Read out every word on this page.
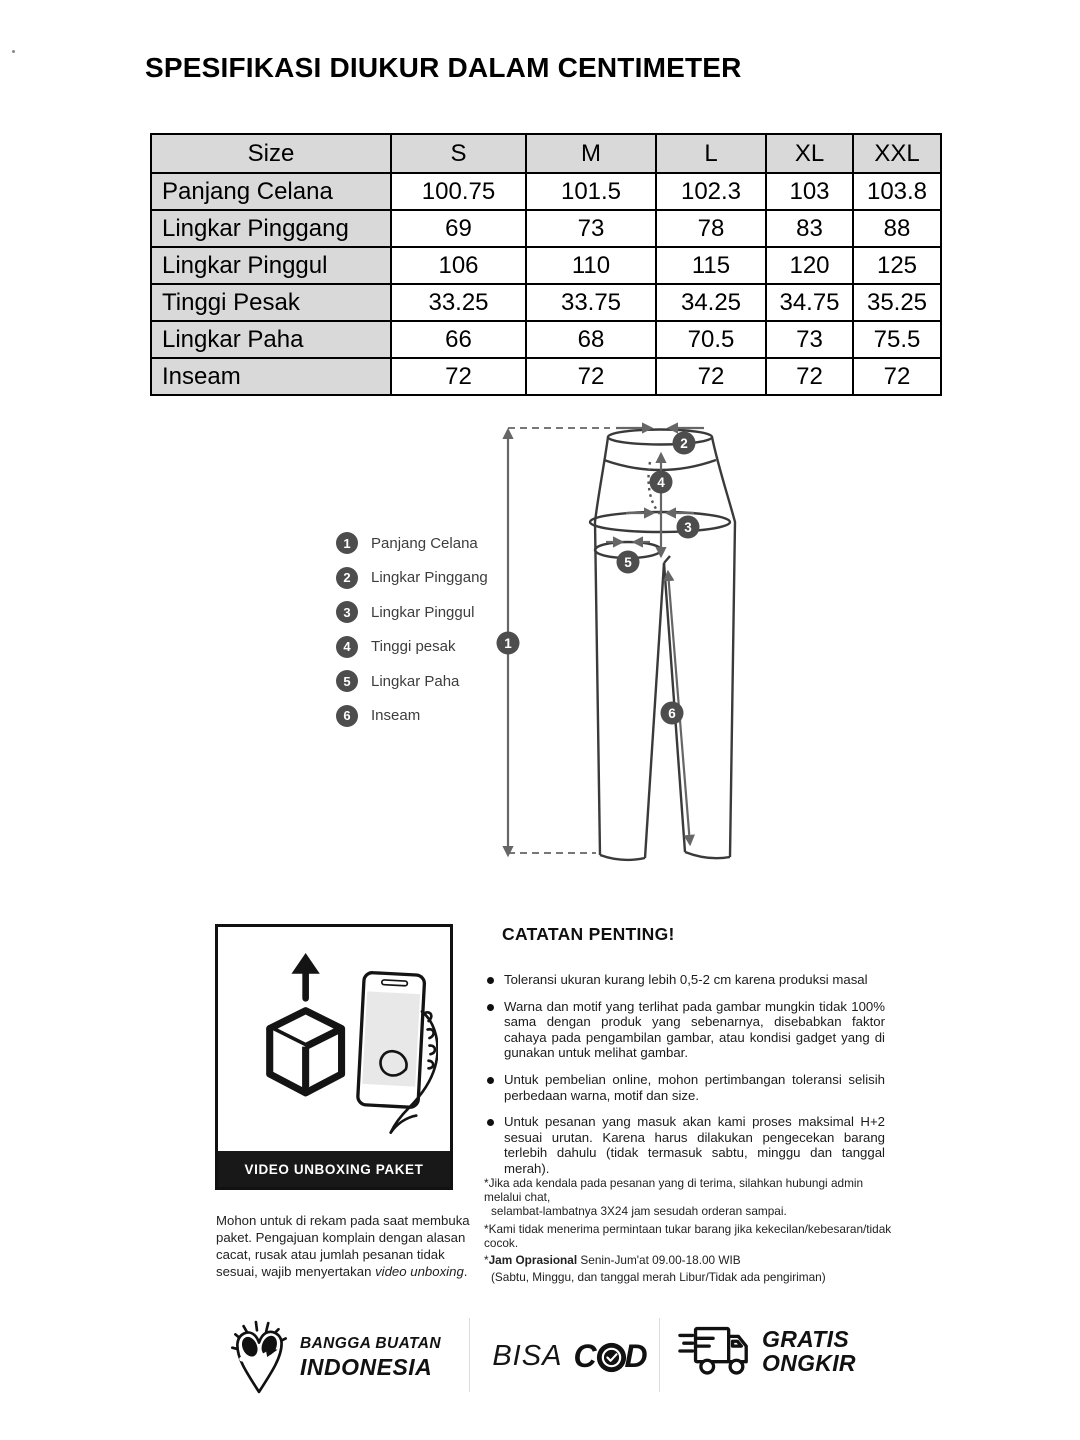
SPESIFIKASI DIUKUR DALAM CENTIMETER
Size	S	M	L	XL	XXL
Panjang Celana	100.75	101.5	102.3	103	103.8
Lingkar Pinggang	69	73	78	83	88
Lingkar Pinggul	106	110	115	120	125
Tinggi Pesak	33.25	33.75	34.25	34.75	35.25
Lingkar Paha	66	68	70.5	73	75.5
Inseam	72	72	72	72	72
1
2
3
4
5
6
1	Panjang Celana
2	Lingkar Pinggang
3	Lingkar Pinggul
4	Tinggi pesak
5	Lingkar Paha
6	Inseam
VIDEO UNBOXING PAKET
Mohon untuk di rekam pada saat membuka paket. Pengajuan komplain dengan alasan cacat, rusak atau jumlah pesanan tidak sesuai, wajib menyertakan video unboxing.
CATATAN PENTING!
Toleransi ukuran kurang lebih 0,5-2 cm karena produksi masal
Warna dan motif yang terlihat pada gambar mungkin tidak 100% sama dengan produk yang sebenarnya, disebabkan faktor cahaya pada pengambilan gambar, atau kondisi gadget yang di gunakan untuk melihat gambar.
Untuk pembelian online, mohon pertimbangan toleransi selisih perbedaan warna, motif dan size.
Untuk pesanan yang masuk akan kami proses maksimal H+2 sesuai urutan. Karena harus dilakukan pengecekan barang terlebih dahulu (tidak termasuk sabtu, minggu dan tanggal merah).
*Jika ada kendala pada pesanan yang di terima, silahkan hubungi admin melalui chat,
selambat-lambatnya 3X24 jam sesudah orderan sampai.
*Kami tidak menerima permintaan tukar barang jika kekecilan/kebesaran/tidak cocok.
*Jam Oprasional Senin-Jum'at 09.00-18.00 WIB
(Sabtu, Minggu, dan tanggal merah Libur/Tidak ada pengiriman)
BANGGA BUATAN
INDONESIA BISA C D	GRATIS
ONGKIR
